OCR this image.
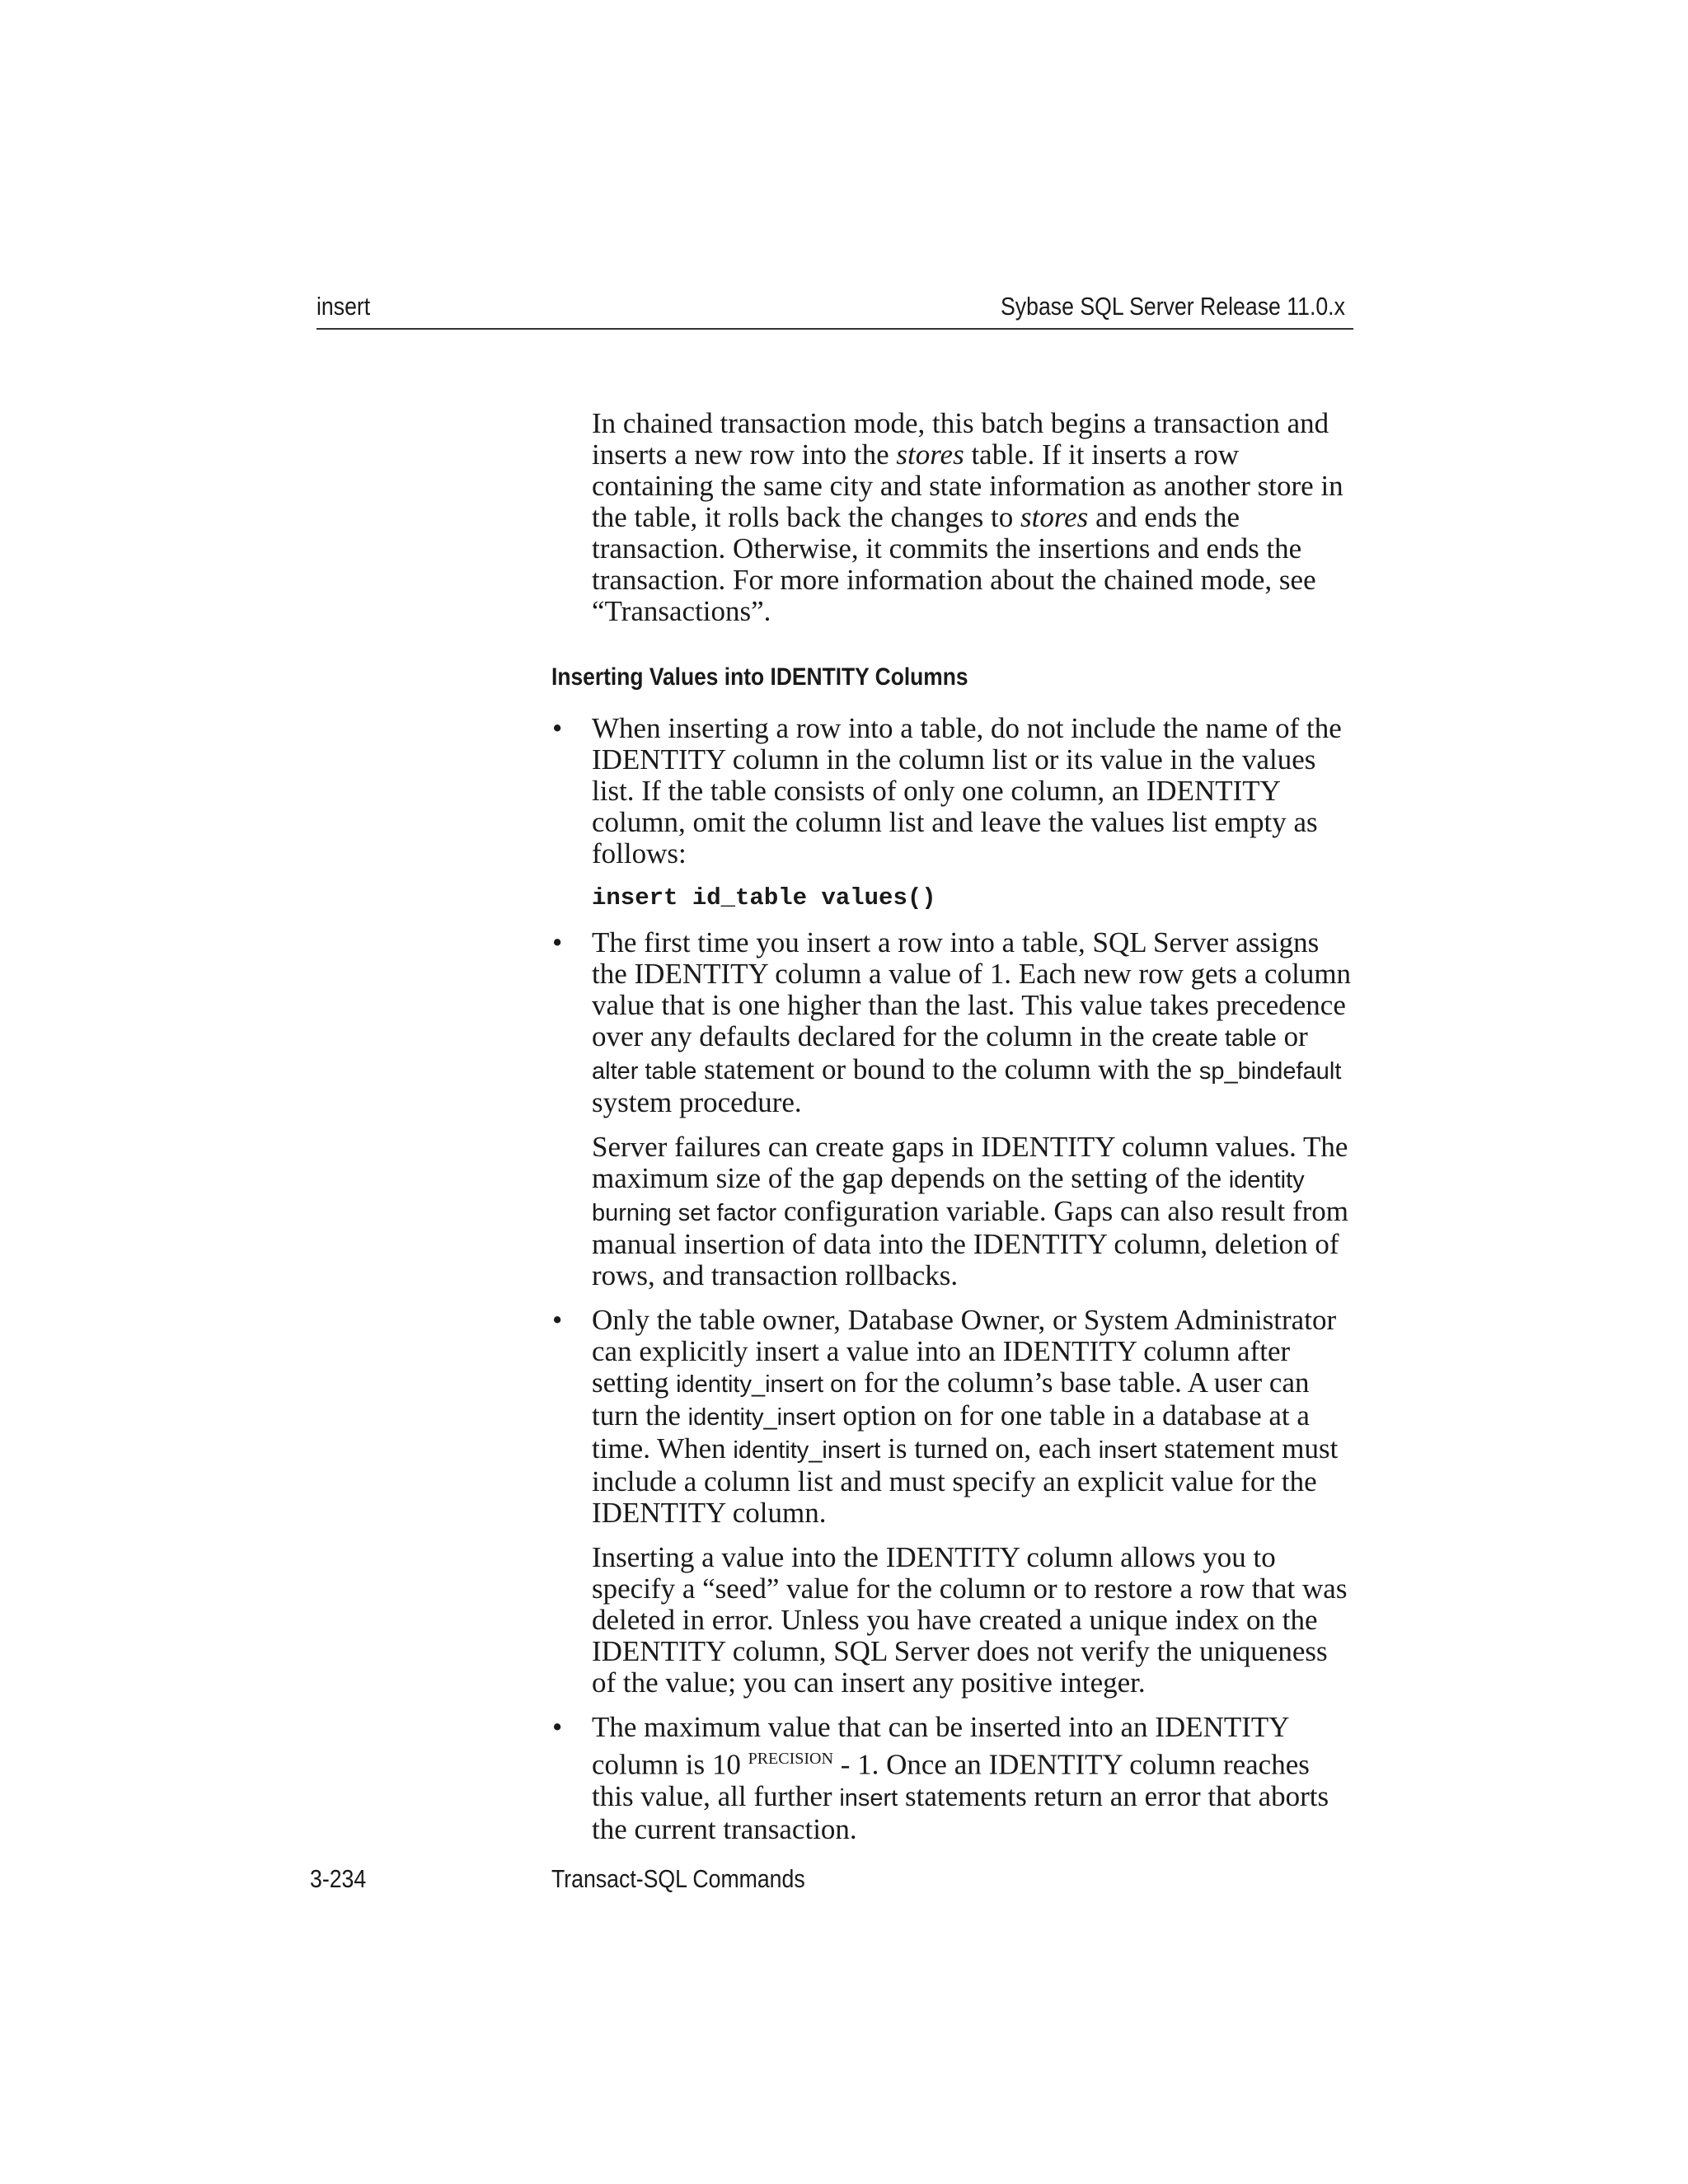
insert	Sybase SQL Server Release 11.0.x

In chained transaction mode, this batch begins a transaction and inserts a new row into the stores table. If it inserts a row containing the same city and state information as another store in the table, it rolls back the changes to stores and ends the transaction. Otherwise, it commits the insertions and ends the transaction. For more information about the chained mode, see “Transactions”.

Inserting Values into IDENTITY Columns
• When inserting a row into a table, do not include the name of the IDENTITY column in the column list or its value in the values list. If the table consists of only one column, an IDENTITY column, omit the column list and leave the values list empty as follows:

insert id_table values()

• The first time you insert a row into a table, SQL Server assigns the IDENTITY column a value of 1. Each new row gets a column value that is one higher than the last. This value takes precedence over any defaults declared for the column in the create table or alter table statement or bound to the column with the sp_bindefault system procedure.

Server failures can create gaps in IDENTITY column values. The maximum size of the gap depends on the setting of the identity burning set factor configuration variable. Gaps can also result from manual insertion of data into the IDENTITY column, deletion of rows, and transaction rollbacks.

• Only the table owner, Database Owner, or System Administrator can explicitly insert a value into an IDENTITY column after setting identity_insert on for the column’s base table. A user can turn the identity_insert option on for one table in a database at a time. When identity_insert is turned on, each insert statement must include a column list and must specify an explicit value for the IDENTITY column.

Inserting a value into the IDENTITY column allows you to specify a “seed” value for the column or to restore a row that was deleted in error. Unless you have created a unique index on the IDENTITY column, SQL Server does not verify the uniqueness of the value; you can insert any positive integer.

• The maximum value that can be inserted into an IDENTITY column is 10 $^{PRECISION}$ - 1. Once an IDENTITY column reaches this value, all further insert statements return an error that aborts the current transaction.

3-234	Transact-SQL Commands
